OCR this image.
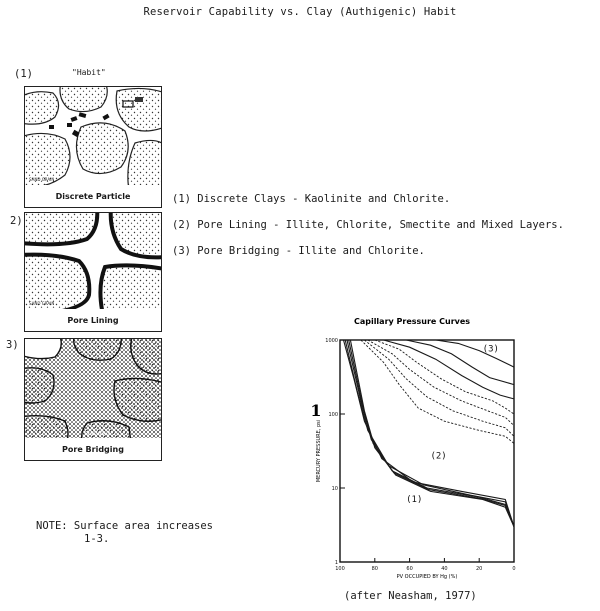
Reservoir Capability vs. Clay (Authigenic) Habit
(1)	"Habit"
SAND GRAIN
Discrete Particle
2)
SAND GRAIN
Pore Lining
3)
SAND GRAIN
Pore Bridging
(1) Discrete Clays - Kaolinite and Chlorite.
(2) Pore Lining - Illite, Chlorite, Smectite and Mixed Layers.
(3) Pore Bridging - Illite and Chlorite.
NOTE: Surface area increases
1-3.
Capillary Pressure Curves
1000
100
10
1
100	80	60	40	20	0
(1)
(2)
(3)
MERCURY PRESSURE, psi
1
PV OCCUPIED BY Hg (%)
(after Neasham, 1977)
